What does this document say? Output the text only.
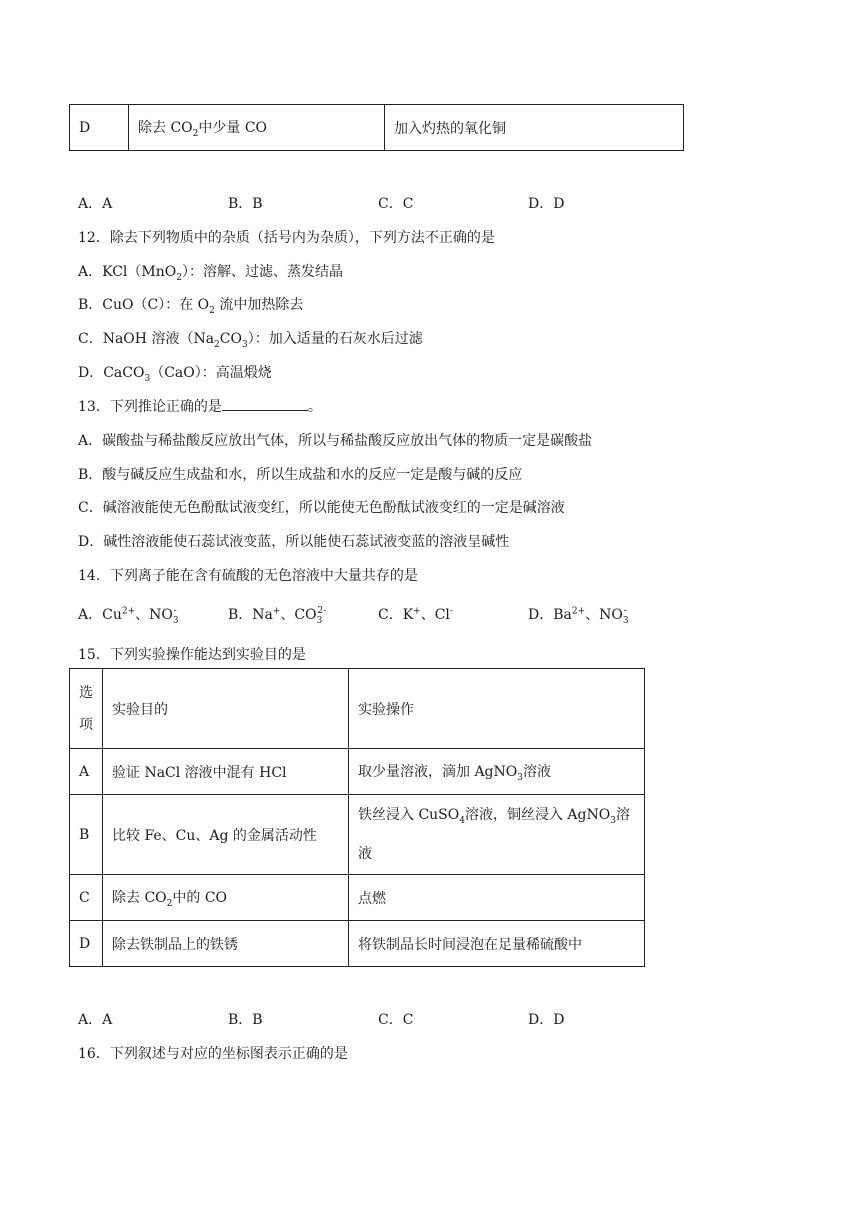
D	除去 $CO_2$中少量 CO	加入灼热的氧化铜
A．A	B．B	C．C	D．D
12．除去下列物质中的杂质（括号内为杂质），下列方法不正确的是
A．KCl（MnO$_2$）：溶解、过滤、蒸发结晶
B．CuO（C）：在 $O_2$ 流中加热除去
C．NaOH 溶液$(Na_2CO_3)$：加入适量的石灰水后过滤
D．CaCO$_3$（CaO）：高温煅烧
13．下列推论正确的是	。
A．碳酸盐与稀盐酸反应放出气体，所以与稀盐酸反应放出气体的物质一定是碳酸盐
B．酸与碱反应生成盐和水，所以生成盐和水的反应一定是酸与碱的反应
C．碱溶液能使无色酚酞试液变红，所以能使无色酚酞试液变红的一定是碱溶液
D．碱性溶液能使石蕊试液变蓝，所以能使石蕊试液变蓝的溶液呈碱性
14．下列离子能在含有硫酸的无色溶液中大量共存的是
A．$Cu^{2+}$、$NO_3^-$	B．Na+、$CO_3^{2-}$	C．K+、Cl-	D．$Ba^{2+}$、$NO_3^-$
15．下列实验操作能达到实验目的是
选
项	实验目的	实验操作
A	验证 NaCl 溶液中混有 HCl	取少量溶液，滴加 AgNO$_3$溶液
B	比较 Fe、Cu、Ag 的金属活动性	铁丝浸入 CuSO$_4$溶液，铜丝浸入 AgNO$_3$溶
液
C	除去 $CO_2$中的 CO	点燃
D	除去铁制品上的铁锈	将铁制品长时间浸泡在足量稀硫酸中
A．A	B．B	C．C	D．D
16．下列叙述与对应的坐标图表示正确的是
